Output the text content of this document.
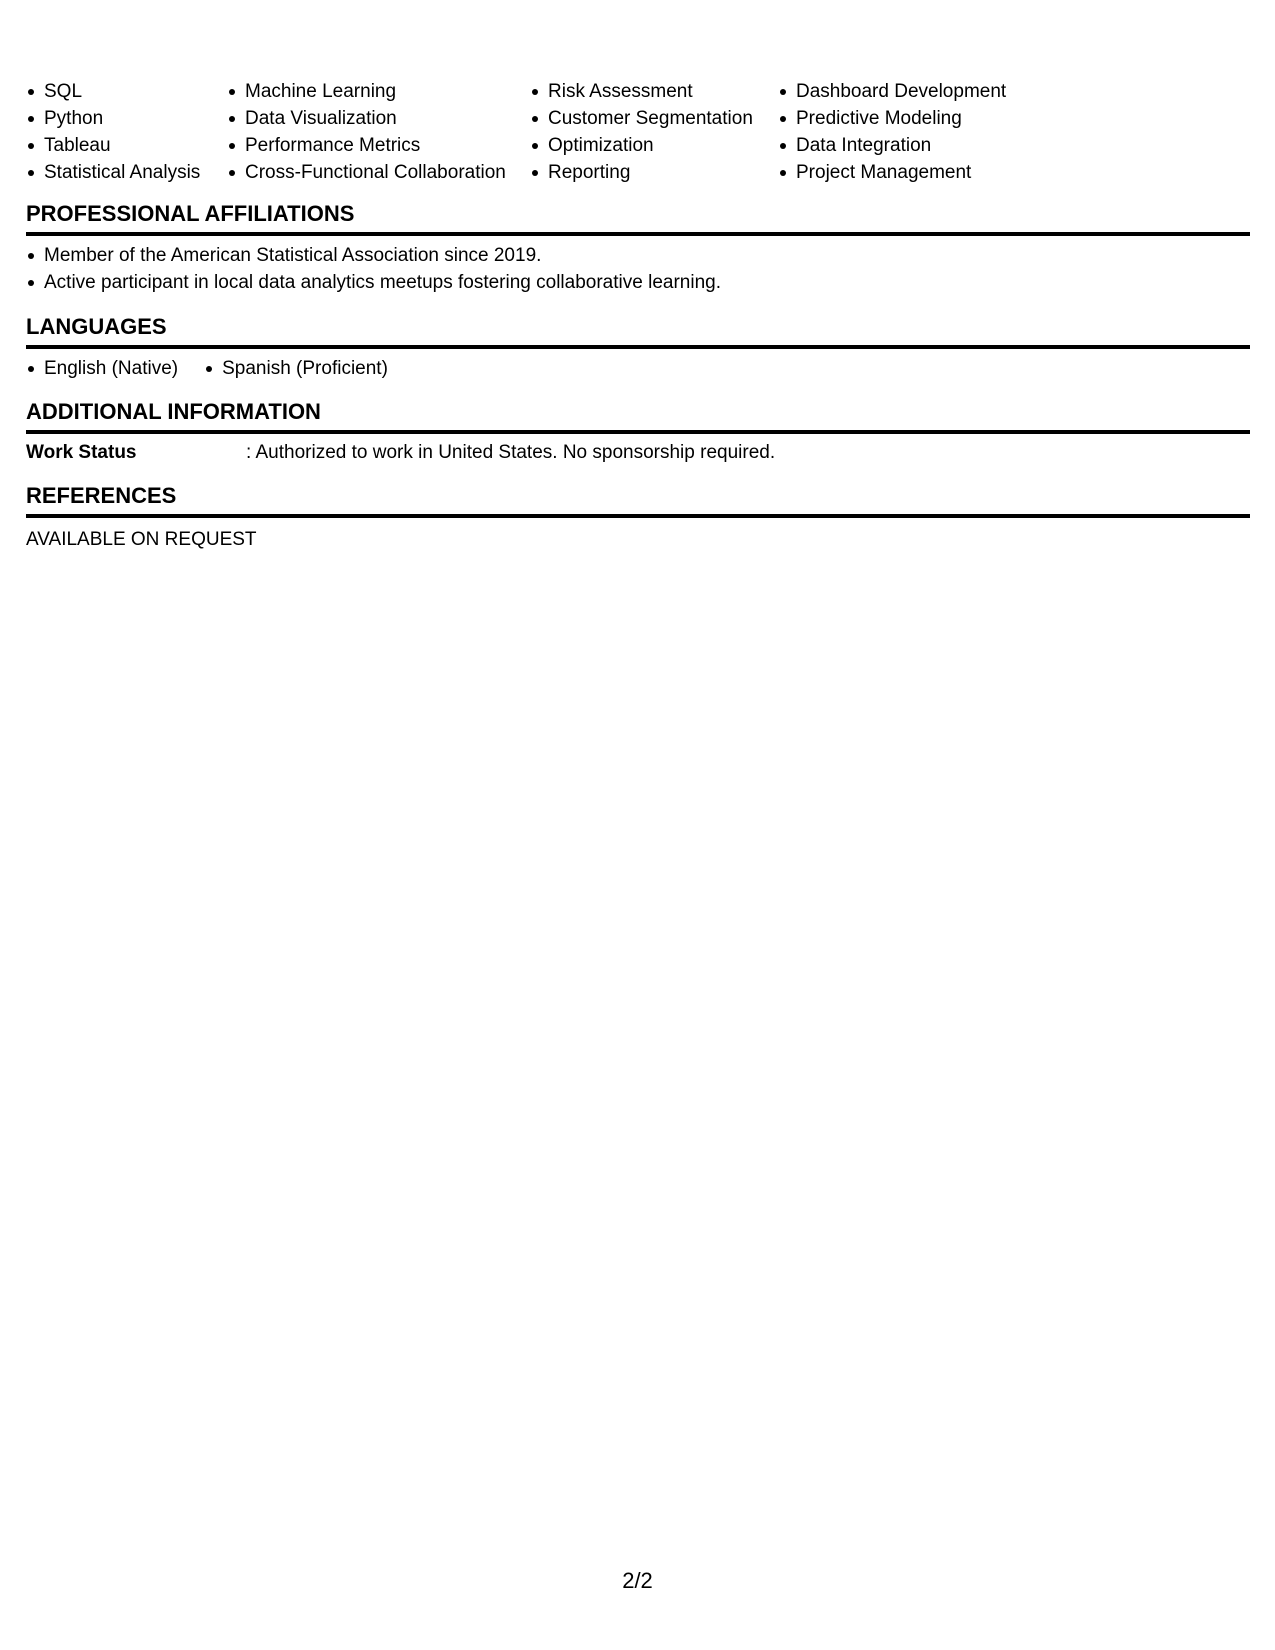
SQL
Python
Tableau
Statistical Analysis
Machine Learning
Data Visualization
Performance Metrics
Cross-Functional Collaboration
Risk Assessment
Customer Segmentation
Optimization
Reporting
Dashboard Development
Predictive Modeling
Data Integration
Project Management
PROFESSIONAL AFFILIATIONS
Member of the American Statistical Association since 2019.
Active participant in local data analytics meetups fostering collaborative learning.
LANGUAGES
English (Native)	Spanish (Proficient)
ADDITIONAL INFORMATION
Work Status	: Authorized to work in United States. No sponsorship required.
REFERENCES
AVAILABLE ON REQUEST
2/2
